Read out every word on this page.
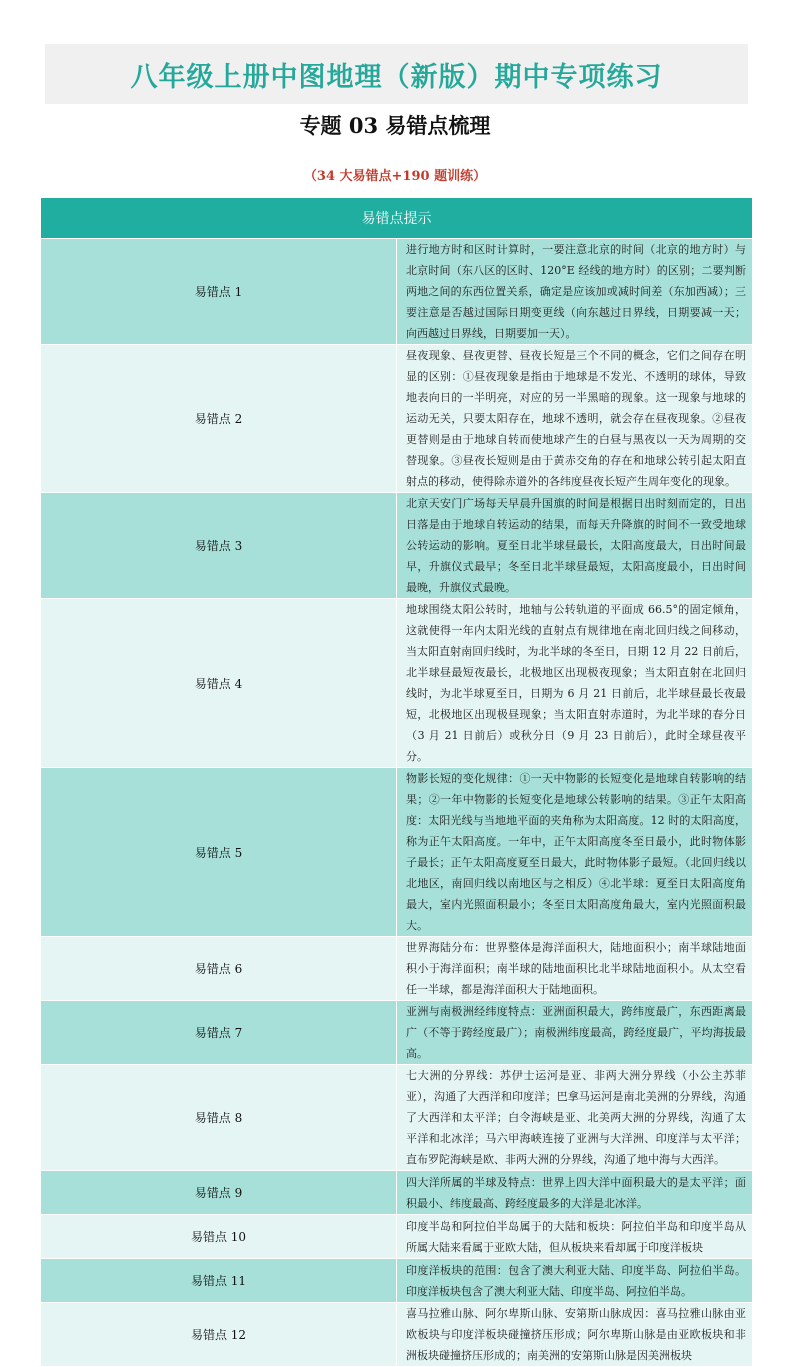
八年级上册中图地理（新版）期中专项练习
专题 03 易错点梳理
（34 大易错点+190 题训练）
易错点提示	
易错点 1	进行地方时和区时计算时，一要注意北京的时间（北京的地方时）与北京时间（东八区的区时、120°E 经线的地方时）的区别；二要判断两地之间的东西位置关系，确定是应该加或减时间差（东加西减）；三要注意是否越过国际日期变更线（向东越过日界线，日期要减一天；向西越过日界线，日期要加一天）。
易错点 2	昼夜现象、昼夜更替、昼夜长短是三个不同的概念，它们之间存在明显的区别：①昼夜现象是指由于地球是不发光、不透明的球体，导致地表向日的一半明亮，对应的另一半黑暗的现象。这一现象与地球的运动无关，只要太阳存在，地球不透明，就会存在昼夜现象。②昼夜更替则是由于地球自转而使地球产生的白昼与黑夜以一天为周期的交替现象。③昼夜长短则是由于黄赤交角的存在和地球公转引起太阳直射点的移动，使得除赤道外的各纬度昼夜长短产生周年变化的现象。
易错点 3	北京天安门广场每天早晨升国旗的时间是根据日出时刻而定的，日出日落是由于地球自转运动的结果，而每天升降旗的时间不一致受地球公转运动的影响。夏至日北半球昼最长，太阳高度最大，日出时间最早，升旗仪式最早；冬至日北半球昼最短，太阳高度最小，日出时间最晚，升旗仪式最晚。
易错点 4	地球围绕太阳公转时，地轴与公转轨道的平面成 66.5°的固定倾角，这就使得一年内太阳光线的直射点有规律地在南北回归线之间移动，当太阳直射南回归线时，为北半球的冬至日，日期 12 月 22 日前后，北半球昼最短夜最长，北极地区出现极夜现象；当太阳直射在北回归线时，为北半球夏至日，日期为 6 月 21 日前后，北半球昼最长夜最短，北极地区出现极昼现象；当太阳直射赤道时，为北半球的春分日（3 月 21 日前后）或秋分日（9 月 23 日前后），此时全球昼夜平分。
易错点 5	物影长短的变化规律：①一天中物影的长短变化是地球自转影响的结果；②一年中物影的长短变化是地球公转影响的结果。③正午太阳高度：太阳光线与当地地平面的夹角称为太阳高度。12 时的太阳高度，称为正午太阳高度。一年中，正午太阳高度冬至日最小，此时物体影子最长；正午太阳高度夏至日最大，此时物体影子最短。（北回归线以北地区，南回归线以南地区与之相反）④北半球：夏至日太阳高度角最大，室内光照面积最小；冬至日太阳高度角最大，室内光照面积最大。
易错点 6	世界海陆分布：世界整体是海洋面积大，陆地面积小；南半球陆地面积小于海洋面积；南半球的陆地面积比北半球陆地面积小。从太空看任一半球，都是海洋面积大于陆地面积。
易错点 7	亚洲与南极洲经纬度特点：亚洲面积最大，跨纬度最广，东西距离最广（不等于跨经度最广）；南极洲纬度最高，跨经度最广，平均海拔最高。
易错点 8	七大洲的分界线：苏伊士运河是亚、非两大洲分界线（小公主苏菲亚），沟通了大西洋和印度洋；巴拿马运河是南北美洲的分界线，沟通了大西洋和太平洋；白令海峡是亚、北美两大洲的分界线，沟通了太平洋和北冰洋；马六甲海峡连接了亚洲与大洋洲、印度洋与太平洋；直布罗陀海峡是欧、非两大洲的分界线，沟通了地中海与大西洋。
易错点 9	四大洋所属的半球及特点：世界上四大洋中面积最大的是太平洋；面积最小、纬度最高、跨经度最多的大洋是北冰洋。
易错点 10	印度半岛和阿拉伯半岛属于的大陆和板块：阿拉伯半岛和印度半岛从所属大陆来看属于亚欧大陆，但从板块来看却属于印度洋板块
易错点 11	印度洋板块的范围：包含了澳大利亚大陆、印度半岛、阿拉伯半岛。印度洋板块包含了澳大利亚大陆、印度半岛、阿拉伯半岛。
易错点 12	喜马拉雅山脉、阿尔卑斯山脉、安第斯山脉成因：喜马拉雅山脉由亚欧板块与印度洋板块碰撞挤压形成；阿尔卑斯山脉是由亚欧板块和非洲板块碰撞挤压形成的；南美洲的安第斯山脉是因美洲板块
